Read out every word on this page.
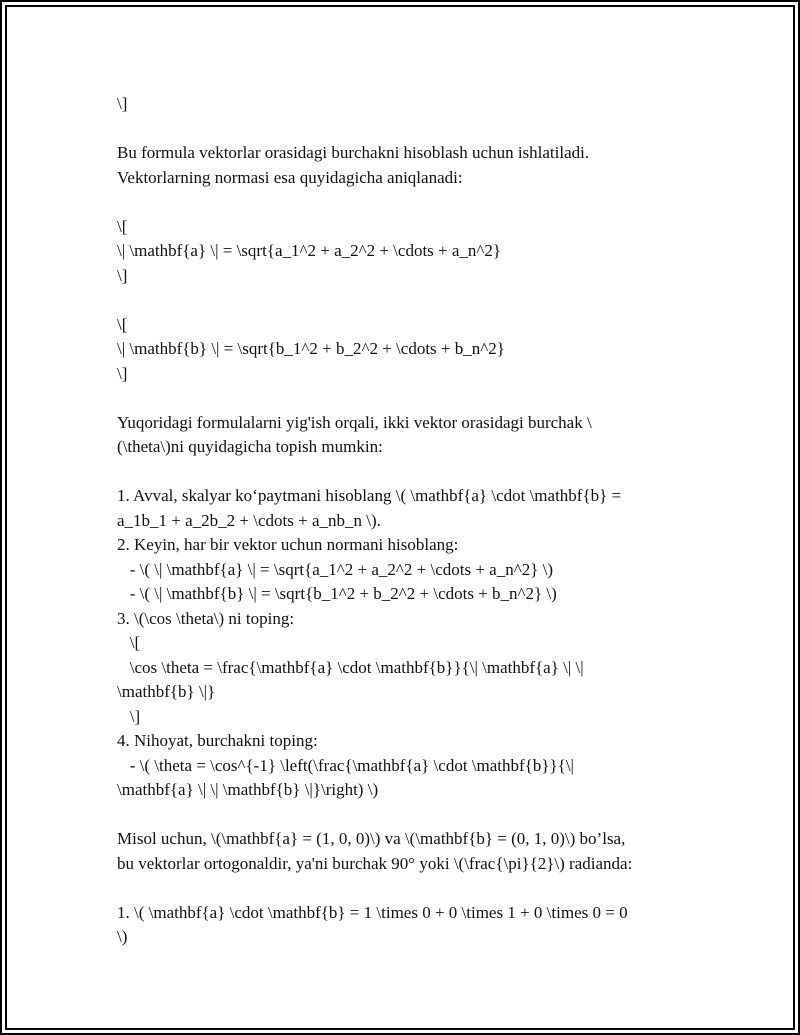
\]
Bu formula vektorlar orasidagi burchakni hisoblash uchun ishlatiladi.
Vektorlarning normasi esa quyidagicha aniqlanadi:
\[
\| \mathbf{a} \| = \sqrt{a_1^2 + a_2^2 + \cdots + a_n^2}
\]
\[
\| \mathbf{b} \| = \sqrt{b_1^2 + b_2^2 + \cdots + b_n^2}
\]
Yuqoridagi formulalarni yig'ish orqali, ikki vektor orasidagi burchak \
(\theta\)ni quyidagicha topish mumkin:
1. Avval, skalyar ko‘paytmani hisoblang \( \mathbf{a} \cdot \mathbf{b} =
a_1b_1 + a_2b_2 + \cdots + a_nb_n \).
2. Keyin, har bir vektor uchun normani hisoblang:
- \( \| \mathbf{a} \| = \sqrt{a_1^2 + a_2^2 + \cdots + a_n^2} \)
- \( \| \mathbf{b} \| = \sqrt{b_1^2 + b_2^2 + \cdots + b_n^2} \)
3. \(\cos \theta\) ni toping:
\[
\cos \theta = \frac{\mathbf{a} \cdot \mathbf{b}}{\| \mathbf{a} \| \|
\mathbf{b} \|}
\]
4. Nihoyat, burchakni toping:
- \( \theta = \cos^{-1} \left(\frac{\mathbf{a} \cdot \mathbf{b}}{\|
\mathbf{a} \| \| \mathbf{b} \|}\right) \)
Misol uchun, \(\mathbf{a} = (1, 0, 0)\) va \(\mathbf{b} = (0, 1, 0)\) bo’lsa,
bu vektorlar ortogonaldir, ya'ni burchak 90° yoki \(\frac{\pi}{2}\) radianda:
1. \( \mathbf{a} \cdot \mathbf{b} = 1 \times 0 + 0 \times 1 + 0 \times 0 = 0
\)
